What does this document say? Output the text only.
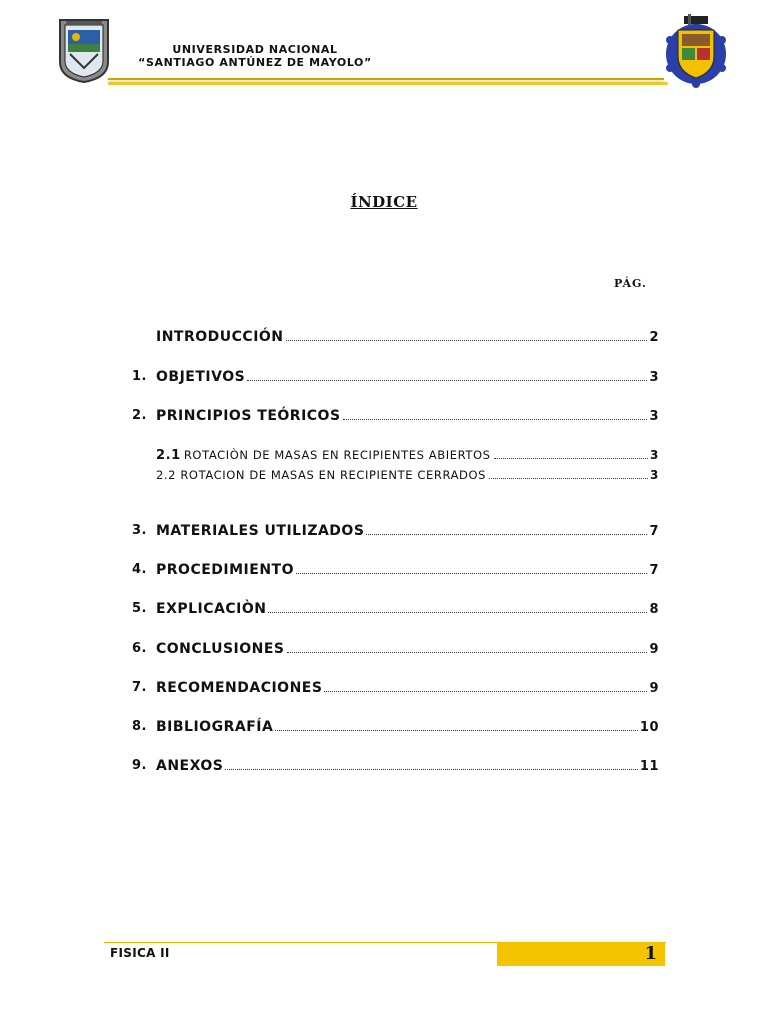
UNIVERSIDAD NACIONAL
“SANTIAGO ANTÚNEZ DE MAYOLO”
ÍNDICE
PÁG.
INTRODUCCIÓN	2
1. OBJETIVOS	3
2. PRINCIPIOS TEÓRICOS	3
2.1 ROTACIÒN DE MASAS EN RECIPIENTES ABIERTOS	3
2.2 ROTACION DE MASAS EN RECIPIENTE CERRADOS	3
3. MATERIALES UTILIZADOS	7
4. PROCEDIMIENTO	7
5. EXPLICACIÒN	8
6. CONCLUSIONES	9
7. RECOMENDACIONES	9
8. BIBLIOGRAFÍA	10
9. ANEXOS	11
FISICA II	1
